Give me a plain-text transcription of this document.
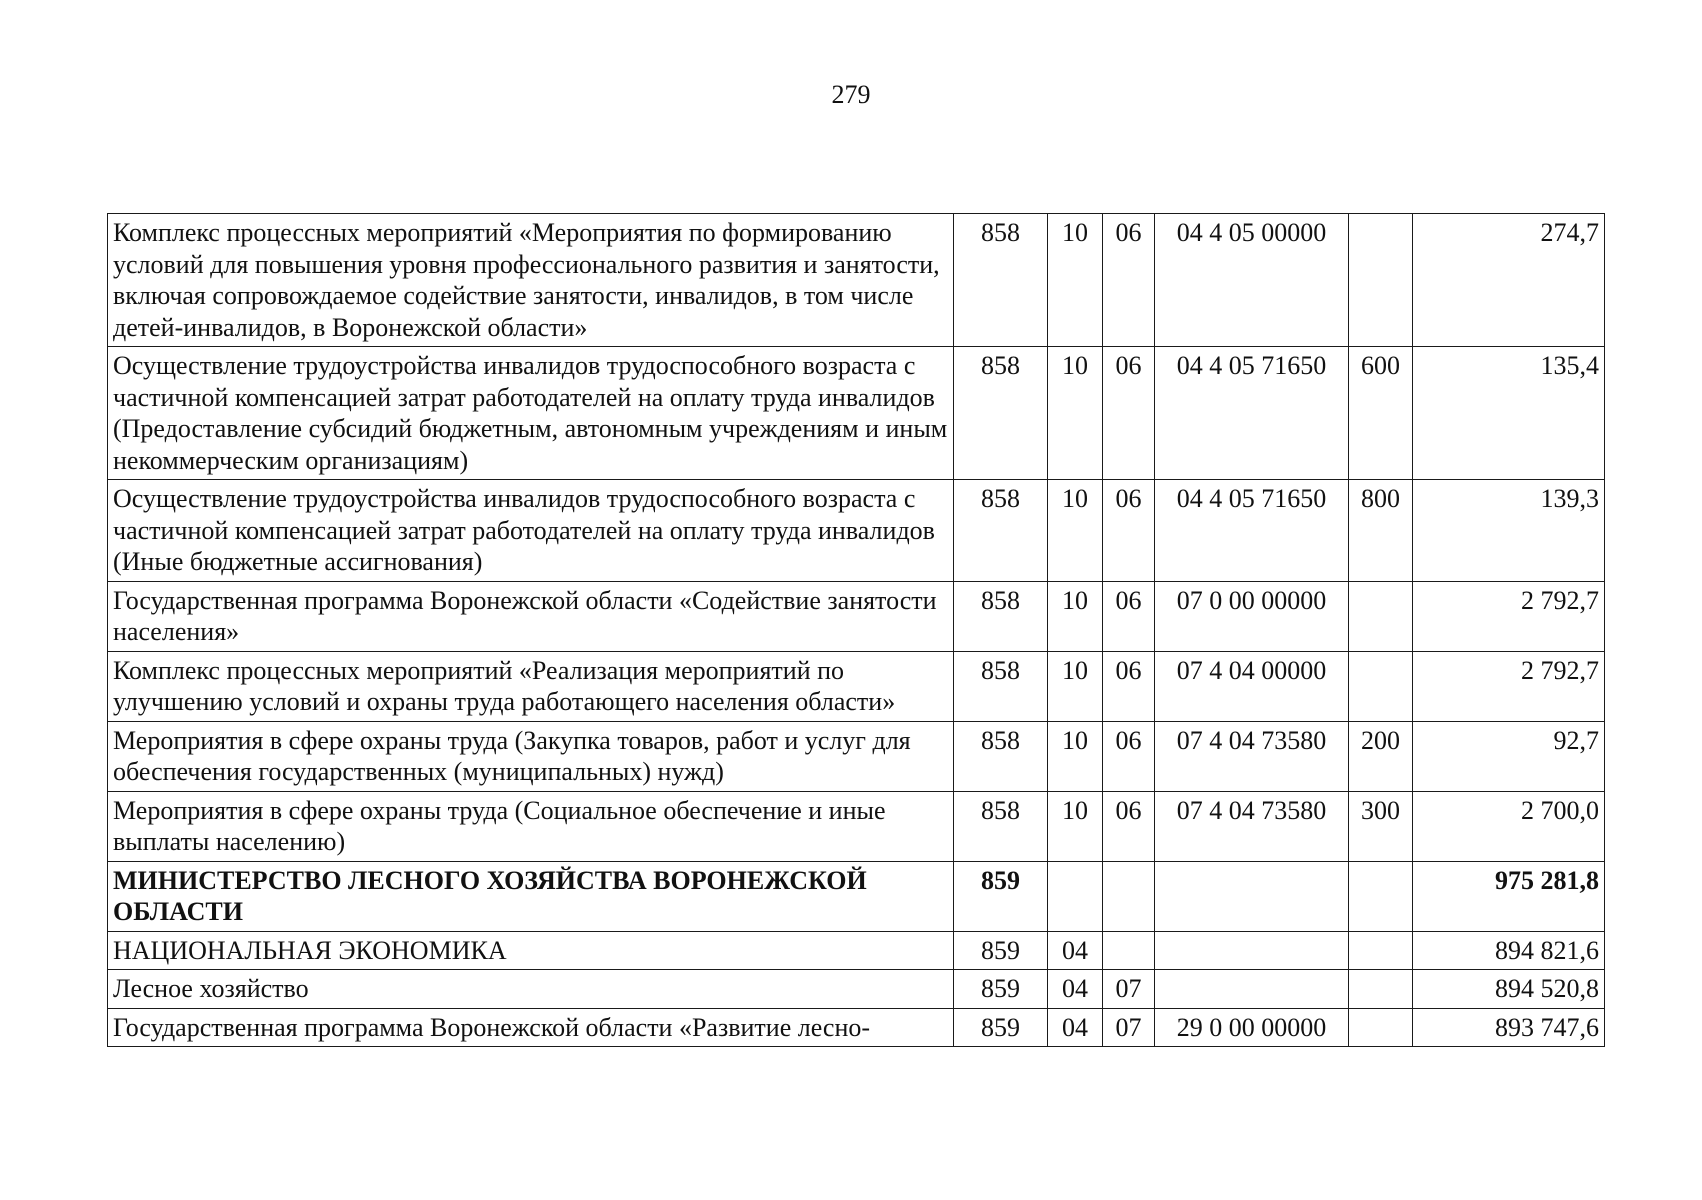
279
Комплекс процессных мероприятий «Мероприятия по формированию условий для повышения уровня профессионального развития и занятости, включая сопровождаемое содействие занятости, инвалидов, в том числе детей-инвалидов, в Воронежской области»	858	10	06	04 4 05 00000		274,7
Осуществление трудоустройства инвалидов трудоспособного возраста с частичной компенсацией затрат работодателей на оплату труда инвалидов (Предоставление субсидий бюджетным, автономным учреждениям и иным некоммерческим организациям)	858	10	06	04 4 05 71650	600	135,4
Осуществление трудоустройства инвалидов трудоспособного возраста с частичной компенсацией затрат работодателей на оплату труда инвалидов (Иные бюджетные ассигнования)	858	10	06	04 4 05 71650	800	139,3
Государственная программа Воронежской области «Содействие занятости населения»	858	10	06	07 0 00 00000		2 792,7
Комплекс процессных мероприятий «Реализация мероприятий по улучшению условий и охраны труда работающего населения области»	858	10	06	07 4 04 00000		2 792,7
Мероприятия в сфере охраны труда (Закупка товаров, работ и услуг для обеспечения государственных (муниципальных) нужд)	858	10	06	07 4 04 73580	200	92,7
Мероприятия в сфере охраны труда (Социальное обеспечение и иные выплаты населению)	858	10	06	07 4 04 73580	300	2 700,0
МИНИСТЕРСТВО ЛЕСНОГО ХОЗЯЙСТВА ВОРОНЕЖСКОЙ ОБЛАСТИ	859					975 281,8
НАЦИОНАЛЬНАЯ ЭКОНОМИКА	859	04				894 821,6
Лесное хозяйство	859	04	07			894 520,8
Государственная программа Воронежской области «Развитие лесно-	859	04	07	29 0 00 00000		893 747,6
